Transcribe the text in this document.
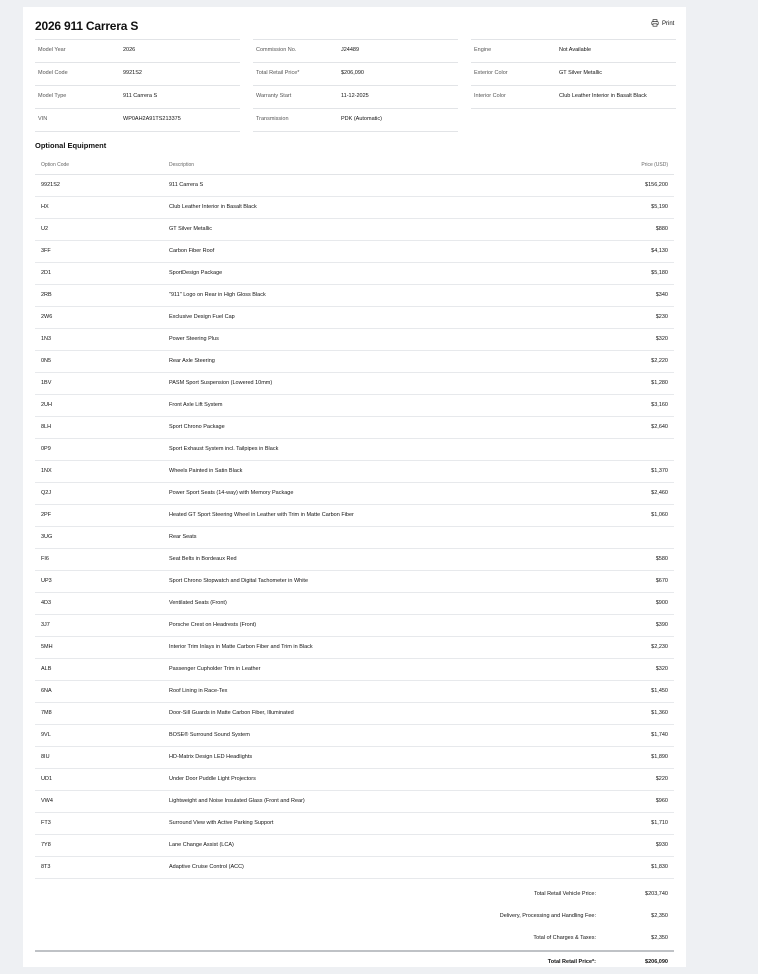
2026 911 Carrera S	Print
Model Year	2026
Model Code	9921S2
Model Type	911 Carrera S
VIN	WP0AH2A91TS213375
Commission No.	J24489
Total Retail Price*	$206,090
Warranty Start	11-12-2025
Transmission	PDK (Automatic)
Engine	Not Available
Exterior Color	GT Silver Metallic
Interior Color	Club Leather Interior in Basalt Black
Optional Equipment
Option Code	Description	Price (USD)
9921S2	911 Carrera S	$156,200
HX	Club Leather Interior in Basalt Black	$5,190
U2	GT Silver Metallic	$880
3FF	Carbon Fiber Roof	$4,130
2D1	SportDesign Package	$5,180
2RB	"911" Logo on Rear in High Gloss Black	$340
2W6	Exclusive Design Fuel Cap	$230
1N3	Power Steering Plus	$320
0N5	Rear Axle Steering	$2,220
1BV	PASM Sport Suspension (Lowered 10mm)	$1,280
2UH	Front Axle Lift System	$3,160
8LH	Sport Chrono Package	$2,640
0P9	Sport Exhaust System incl. Tailpipes in Black
1NX	Wheels Painted in Satin Black	$1,370
Q2J	Power Sport Seats (14-way) with Memory Package	$2,460
2PF	Heated GT Sport Steering Wheel in Leather with Trim in Matte Carbon Fiber	$1,060
3UG	Rear Seats
FI6	Seat Belts in Bordeaux Red	$580
UP3	Sport Chrono Stopwatch and Digital Tachometer in White	$670
4D3	Ventilated Seats (Front)	$900
3J7	Porsche Crest on Headrests (Front)	$390
5MH	Interior Trim Inlays in Matte Carbon Fiber and Trim in Black	$2,230
ALB	Passenger Cupholder Trim in Leather	$320
6NA	Roof Lining in Race-Tex	$1,450
7M8	Door-Sill Guards in Matte Carbon Fiber, Illuminated	$1,360
9VL	BOSE® Surround Sound System	$1,740
8IU	HD-Matrix Design LED Headlights	$1,890
UD1	Under Door Puddle Light Projectors	$220
VW4	Lightweight and Noise Insulated Glass (Front and Rear)	$960
FT3	Surround View with Active Parking Support	$1,710
7Y8	Lane Change Assist (LCA)	$930
8T3	Adaptive Cruise Control (ACC)	$1,830
Total Retail Vehicle Price:	$203,740
Delivery, Processing and Handling Fee:	$2,350
Total of Charges & Taxes:	$2,350
Total Retail Price*:	$206,090
